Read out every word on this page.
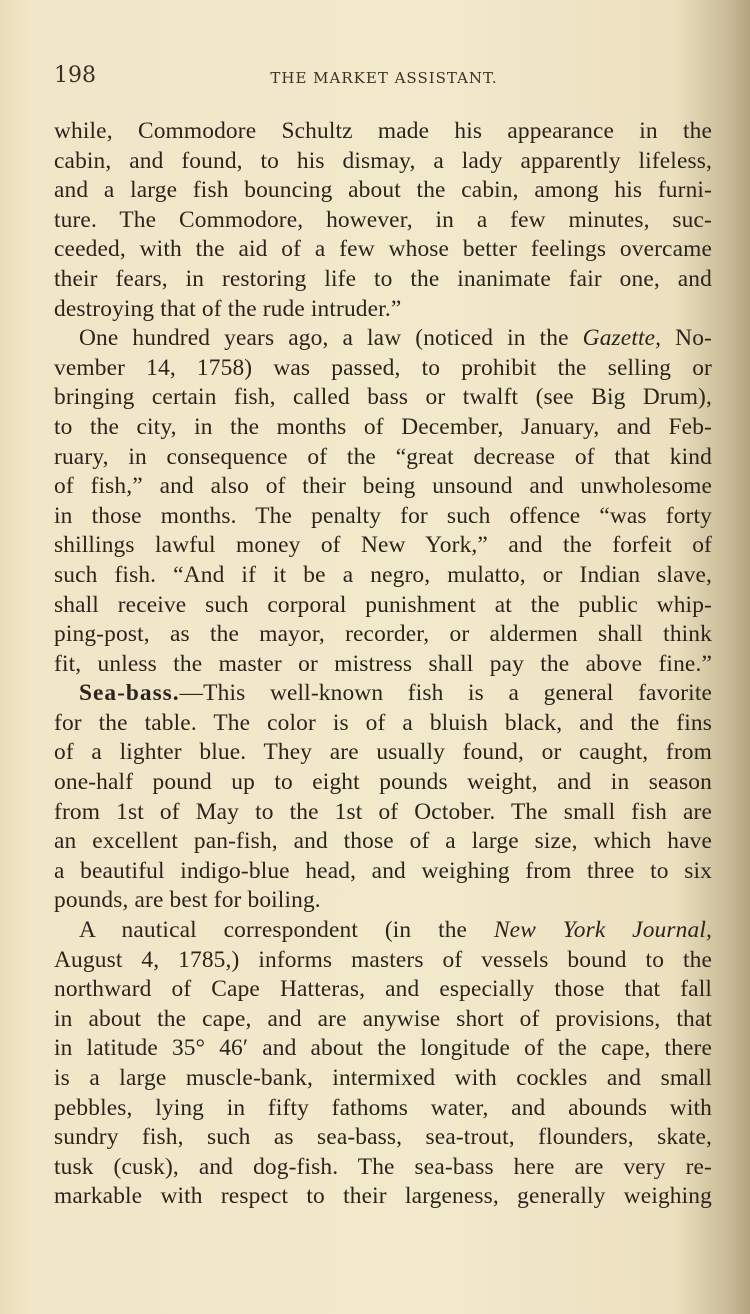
198	THE MARKET ASSISTANT.
while, Commodore Schultz made his appearance in the
cabin, and found, to his dismay, a lady apparently lifeless,
and a large fish bouncing about the cabin, among his furni-
ture. The Commodore, however, in a few minutes, suc-
ceeded, with the aid of a few whose better feelings overcame
their fears, in restoring life to the inanimate fair one, and
destroying that of the rude intruder.”
One hundred years ago, a law (noticed in the Gazette, No-
vember 14, 1758) was passed, to prohibit the selling or
bringing certain fish, called bass or twalft (see Big Drum),
to the city, in the months of December, January, and Feb-
ruary, in consequence of the “great decrease of that kind
of fish,” and also of their being unsound and unwholesome
in those months. The penalty for such offence “was forty
shillings lawful money of New York,” and the forfeit of
such fish. “And if it be a negro, mulatto, or Indian slave,
shall receive such corporal punishment at the public whip-
ping-post, as the mayor, recorder, or aldermen shall think
fit, unless the master or mistress shall pay the above fine.”
Sea-bass.—This well-known fish is a general favorite
for the table. The color is of a bluish black, and the fins
of a lighter blue. They are usually found, or caught, from
one-half pound up to eight pounds weight, and in season
from 1st of May to the 1st of October. The small fish are
an excellent pan-fish, and those of a large size, which have
a beautiful indigo-blue head, and weighing from three to six
pounds, are best for boiling.
A nautical correspondent (in the New York Journal,
August 4, 1785,) informs masters of vessels bound to the
northward of Cape Hatteras, and especially those that fall
in about the cape, and are anywise short of provisions, that
in latitude 35° 46′ and about the longitude of the cape, there
is a large muscle-bank, intermixed with cockles and small
pebbles, lying in fifty fathoms water, and abounds with
sundry fish, such as sea-bass, sea-trout, flounders, skate,
tusk (cusk), and dog-fish. The sea-bass here are very re-
markable with respect to their largeness, generally weighing
